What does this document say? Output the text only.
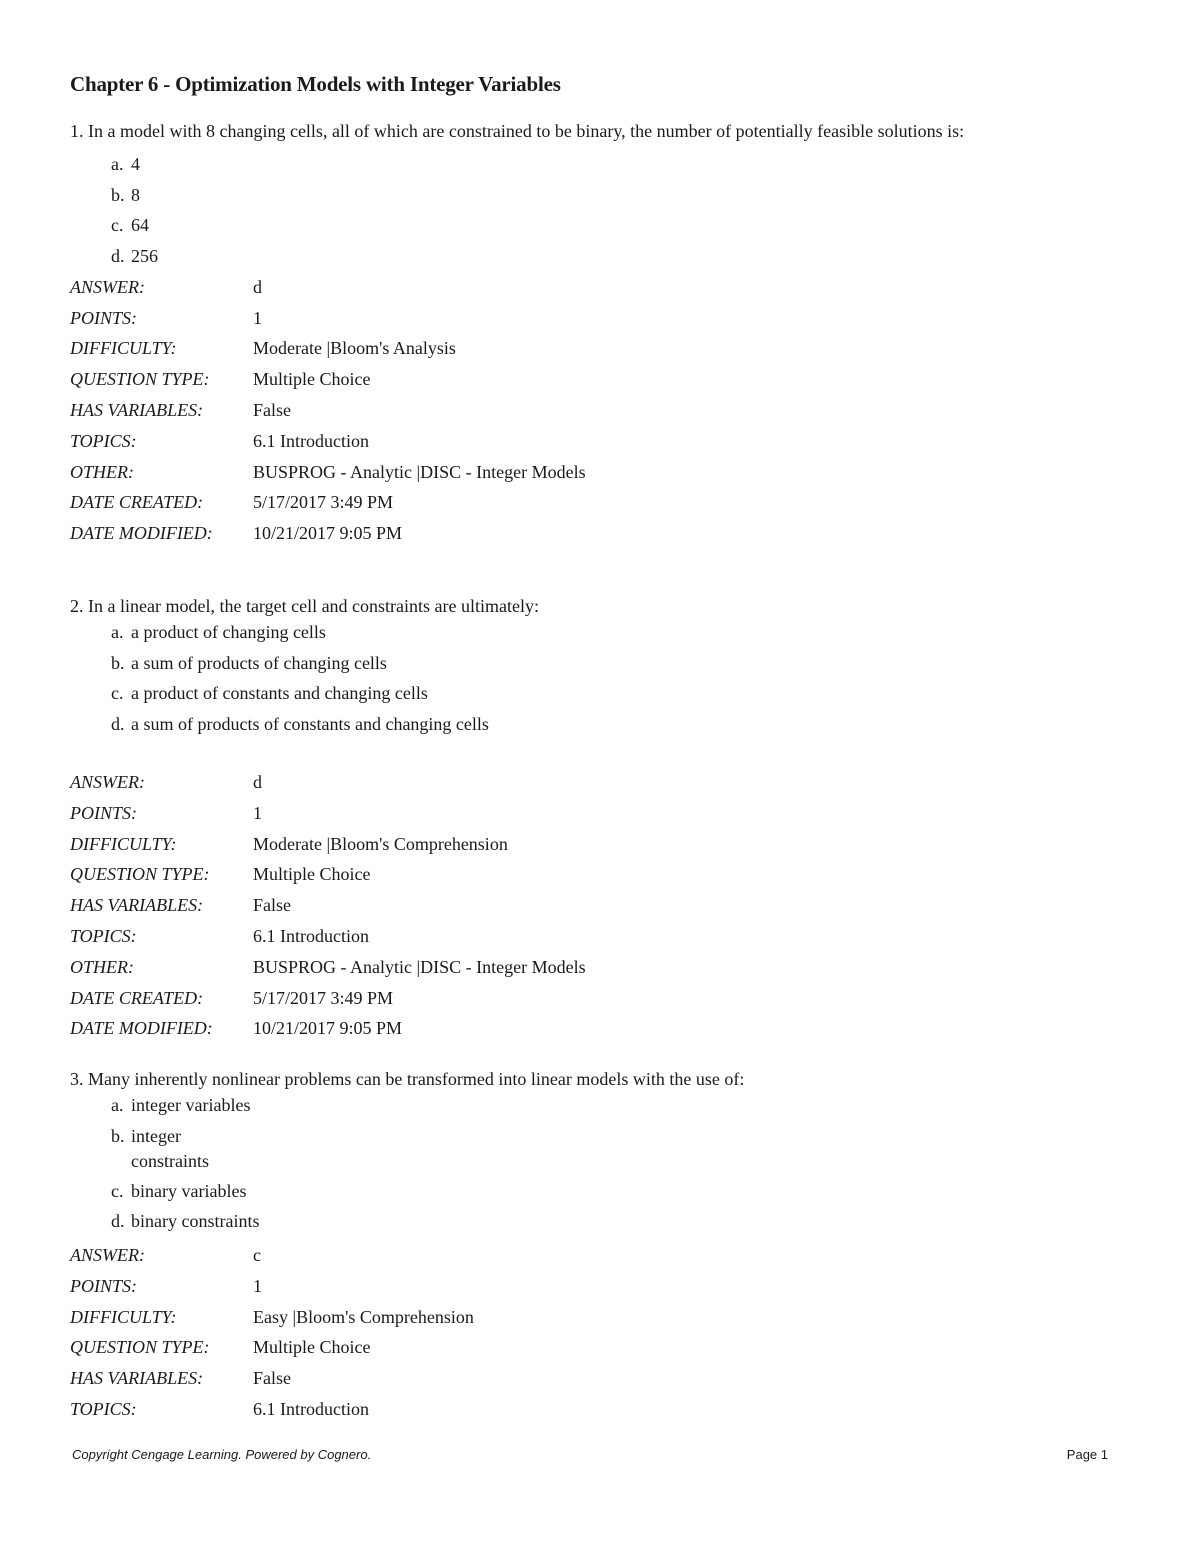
Chapter 6 - Optimization Models with Integer Variables
1. In a model with 8 changing cells, all of which are constrained to be binary, the number of potentially feasible solutions is:
a. 4
b. 8
c. 64
d. 256
ANSWER:	d
POINTS:	1
DIFFICULTY:	Moderate |Bloom's Analysis
QUESTION TYPE:	Multiple Choice
HAS VARIABLES:	False
TOPICS:	6.1 Introduction
OTHER:	BUSPROG - Analytic |DISC - Integer Models
DATE CREATED:	5/17/2017 3:49 PM
DATE MODIFIED:	10/21/2017 9:05 PM
2. In a linear model, the target cell and constraints are ultimately:
a. a product of changing cells
b. a sum of products of changing cells
c. a product of constants and changing cells
d. a sum of products of constants and changing cells
ANSWER:	d
POINTS:	1
DIFFICULTY:	Moderate |Bloom's Comprehension
QUESTION TYPE:	Multiple Choice
HAS VARIABLES:	False
TOPICS:	6.1 Introduction
OTHER:	BUSPROG - Analytic |DISC - Integer Models
DATE CREATED:	5/17/2017 3:49 PM
DATE MODIFIED:	10/21/2017 9:05 PM
3. Many inherently nonlinear problems can be transformed into linear models with the use of:
a. integer variables
b. integer constraints
c. binary variables
d. binary constraints
ANSWER:	c
POINTS:	1
DIFFICULTY:	Easy |Bloom's Comprehension
QUESTION TYPE:	Multiple Choice
HAS VARIABLES:	False
TOPICS:	6.1 Introduction
Copyright Cengage Learning. Powered by Cognero.	Page 1
